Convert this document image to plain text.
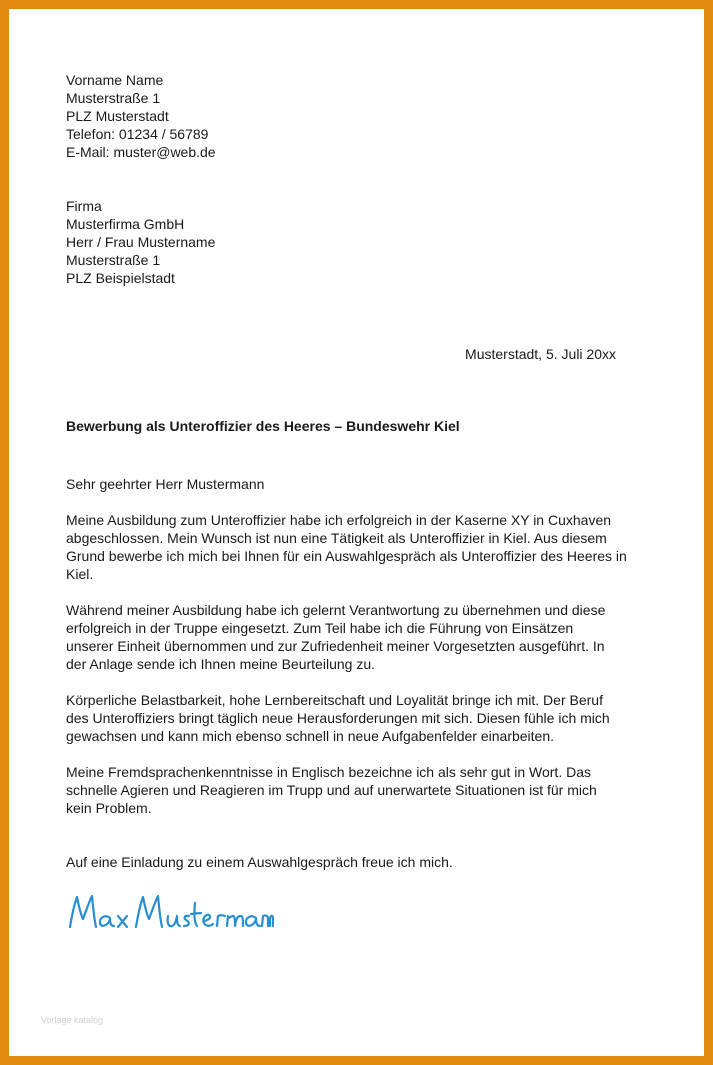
Vorname Name
Musterstraße 1
PLZ Musterstadt
Telefon: 01234 / 56789
E-Mail: muster@web.de
Firma
Musterfirma GmbH
Herr / Frau Mustername
Musterstraße 1
PLZ Beispielstadt
Musterstadt, 5. Juli 20xx
Bewerbung als Unteroffizier des Heeres – Bundeswehr Kiel
Sehr geehrter Herr Mustermann
Meine Ausbildung zum Unteroffizier habe ich erfolgreich in der Kaserne XY in Cuxhaven
abgeschlossen. Mein Wunsch ist nun eine Tätigkeit als Unteroffizier in Kiel. Aus diesem
Grund bewerbe ich mich bei Ihnen für ein Auswahlgespräch als Unteroffizier des Heeres in
Kiel.
Während meiner Ausbildung habe ich gelernt Verantwortung zu übernehmen und diese
erfolgreich in der Truppe eingesetzt. Zum Teil habe ich die Führung von Einsätzen
unserer Einheit übernommen und zur Zufriedenheit meiner Vorgesetzten ausgeführt. In
der Anlage sende ich Ihnen meine Beurteilung zu.
Körperliche Belastbarkeit, hohe Lernbereitschaft und Loyalität bringe ich mit. Der Beruf
des Unteroffiziers bringt täglich neue Herausforderungen mit sich. Diesen fühle ich mich
gewachsen und kann mich ebenso schnell in neue Aufgabenfelder einarbeiten.
Meine Fremdsprachenkenntnisse in Englisch bezeichne ich als sehr gut in Wort. Das
schnelle Agieren und Reagieren im Trupp und auf unerwartete Situationen ist für mich
kein Problem.
Auf eine Einladung zu einem Auswahlgespräch freue ich mich.
Vorlage katalog
